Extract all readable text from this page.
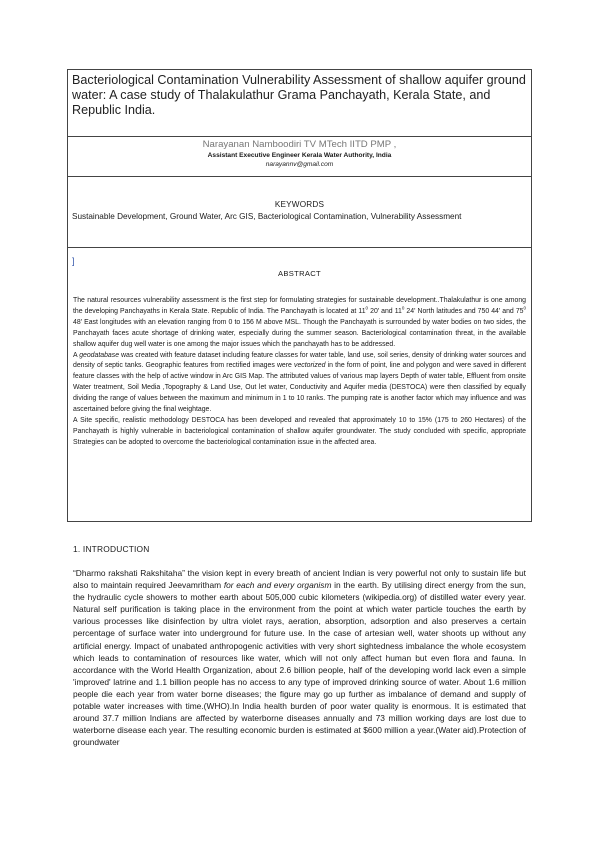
Bacteriological Contamination Vulnerability Assessment of shallow aquifer ground water: A case study of Thalakulathur Grama Panchayath, Kerala State, and Republic India.
Narayanan Namboodiri TV MTech IITD PMP ,
Assistant Executive Engineer Kerala Water Authority, India
narayannv@gmail.com
KEYWORDS
Sustainable Development, Ground Water, Arc GIS, Bacteriological Contamination, Vulnerability Assessment
]
ABSTRACT

The natural resources vulnerability assessment is the first step for formulating strategies for sustainable development..Thalakulathur is one among the developing Panchayaths in Kerala State. Republic of India. The Panchayath is located at $11^0$ 20' and $11^0$ 24' North latitudes and 750 44' and $75^0$ 48' East longitudes with an elevation ranging from 0 to 156 M above MSL. Though the Panchayath is surrounded by water bodies on two sides, the Panchayath faces acute shortage of drinking water, especially during the summer season. Bacteriological contamination threat, in the available shallow aquifer dug well water is one among the major issues which the panchayath has to be addressed.

A geodatabase was created with feature dataset including feature classes for water table, land use, soil series, density of drinking water sources and density of septic tanks. Geographic features from rectified images were vectorized in the form of point, line and polygon and were saved in different feature classes with the help of active window in Arc GIS Map. The attributed values of various map layers Depth of water table, Effluent from onsite Water treatment, Soil Media ,Topography & Land Use, Out let water, Conductivity and Aquifer media (DESTOCA) were then classified by equally dividing the range of values between the maximum and minimum in 1 to 10 ranks. The pumping rate is another factor which may influence and was ascertained before giving the final weightage.

A Site specific, realistic methodology DESTOCA has been developed and revealed that approximately 10 to 15% (175 to 260 Hectares) of the Panchayath is highly vulnerable in bacteriological contamination of shallow aquifer groundwater. The study concluded with specific, appropriate Strategies can be adopted to overcome the bacteriological contamination issue in the affected area.

1. INTRODUCTION

“Dharmo rakshati Rakshitaha” the vision kept in every breath of ancient Indian is very powerful not only to sustain life but also to maintain required Jeevamritham for each and every organism in the earth. By utilising direct energy from the sun, the hydraulic cycle showers to mother earth about 505,000 cubic kilometers (wikipedia.org) of distilled water every year. Natural self purification is taking place in the environment from the point at which water particle touches the earth by various processes like disinfection by ultra violet rays, aeration, absorption, adsorption and also preserves a certain percentage of surface water into underground for future use. In the case of artesian well, water shoots up without any artificial energy. Impact of unabated anthropogenic activities with very short sightedness imbalance the whole ecosystem which leads to contamination of resources like water, which will not only affect human but even flora and fauna. In accordance with the World Health Organization, about 2.6 billion people, half of the developing world lack even a simple 'improved' latrine and 1.1 billion people has no access to any type of improved drinking source of water. About 1.6 million people die each year from water borne diseases; the figure may go up further as imbalance of demand and supply of potable water increases with time.(WHO).In India health burden of poor water quality is enormous. It is estimated that around 37.7 million Indians are affected by waterborne diseases annually and 73 million working days are lost due to waterborne disease each year. The resulting economic burden is estimated at $600 million a year.(Water aid).Protection of groundwater
